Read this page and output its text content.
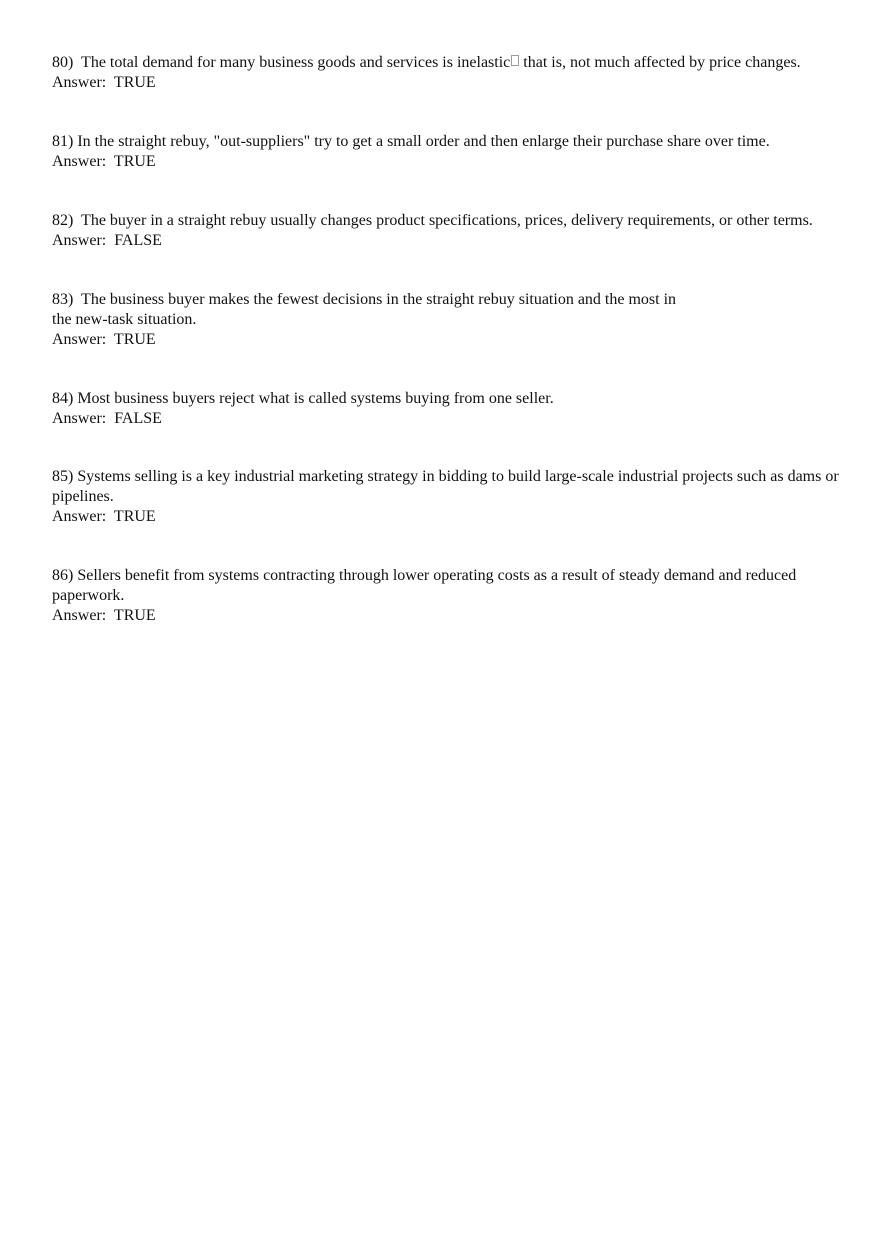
80)  The total demand for many business goods and services is inelastic that is, not much affected by price changes.

Answer:  TRUE

81) In the straight rebuy, "out-suppliers" try to get a small order and then enlarge their purchase share over time.

Answer:  TRUE

82)  The buyer in a straight rebuy usually changes product specifications, prices, delivery requirements, or other terms.

Answer:  FALSE

83)  The business buyer makes the fewest decisions in the straight rebuy situation and the most in

the new-task situation.

Answer:  TRUE

84) Most business buyers reject what is called systems buying from one seller.

Answer:  FALSE

85) Systems selling is a key industrial marketing strategy in bidding to build large-scale industrial projects such as dams or pipelines.

Answer:  TRUE

86) Sellers benefit from systems contracting through lower operating costs as a result of steady demand and reduced paperwork.

Answer:  TRUE
